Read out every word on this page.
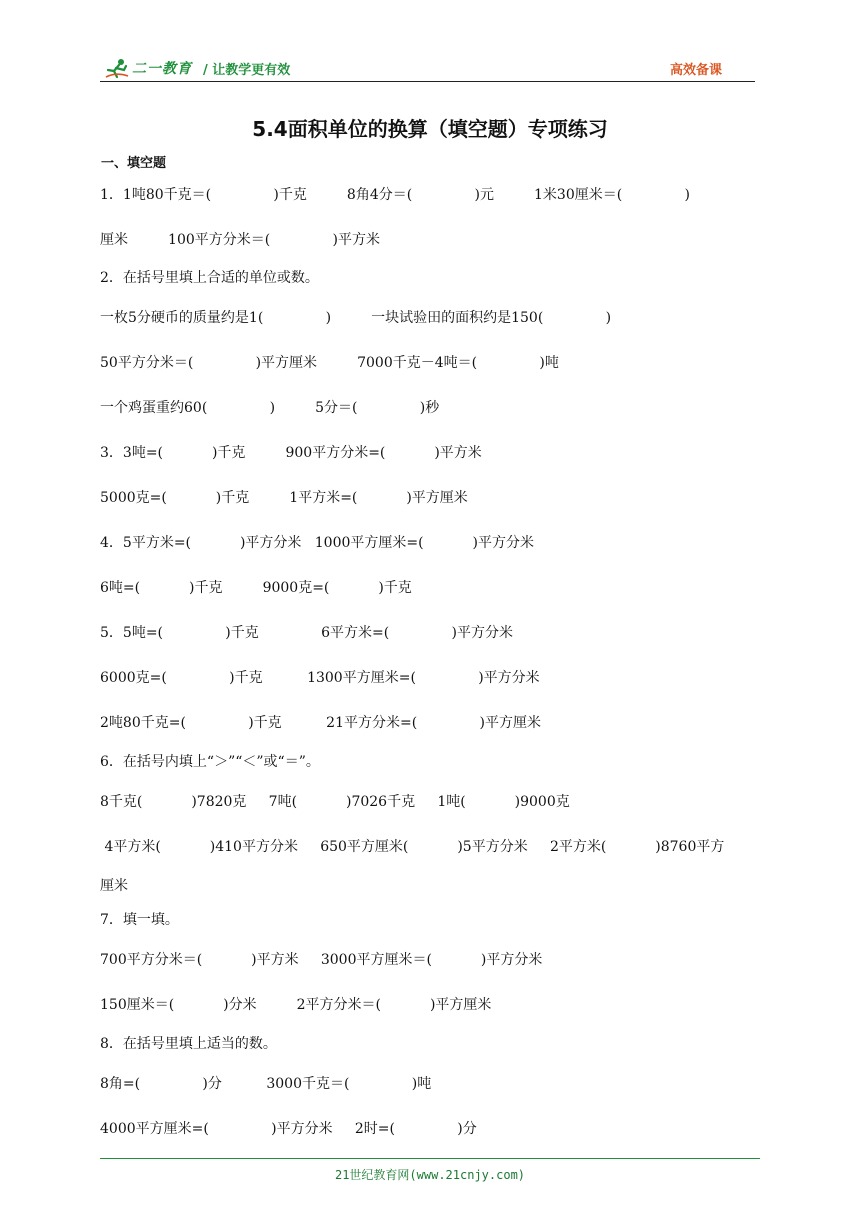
二一教育 / 让教学更有效	高效备课
5.4面积单位的换算（填空题）专项练习
一、填空题
1．1吨80千克＝(              )千克         8角4分＝(              )元         1米30厘米＝(              )
厘米         100平方分米＝(              )平方米
2．在括号里填上合适的单位或数。
一枚5分硬币的质量约是1(              )         一块试验田的面积约是150(              )
50平方分米＝(              )平方厘米         7000千克－4吨＝(              )吨
一个鸡蛋重约60(              )         5分＝(              )秒
3．3吨=(           )千克         900平方分米=(           )平方米
5000克=(           )千克         1平方米=(           )平方厘米
4．5平方米=(           )平方分米   1000平方厘米=(           )平方分米
6吨=(           )千克         9000克=(           )千克
5．5吨=(              )千克              6平方米=(              )平方分米
6000克=(              )千克          1300平方厘米=(              )平方分米
2吨80千克=(              )千克          21平方分米=(              )平方厘米
6．在括号内填上“＞”“＜”或“＝”。
8千克(           )7820克     7吨(           )7026千克     1吨(           )9000克
4平方米(           )410平方分米     650平方厘米(           )5平方分米     2平方米(           )8760平方
厘米
7．填一填。
700平方分米＝(           )平方米     3000平方厘米＝(           )平方分米
150厘米＝(           )分米         2平方分米＝(           )平方厘米
8．在括号里填上适当的数。
8角=(              )分          3000千克＝(              )吨
4000平方厘米=(              )平方分米     2时=(              )分
21世纪教育网(www.21cnjy.com)
